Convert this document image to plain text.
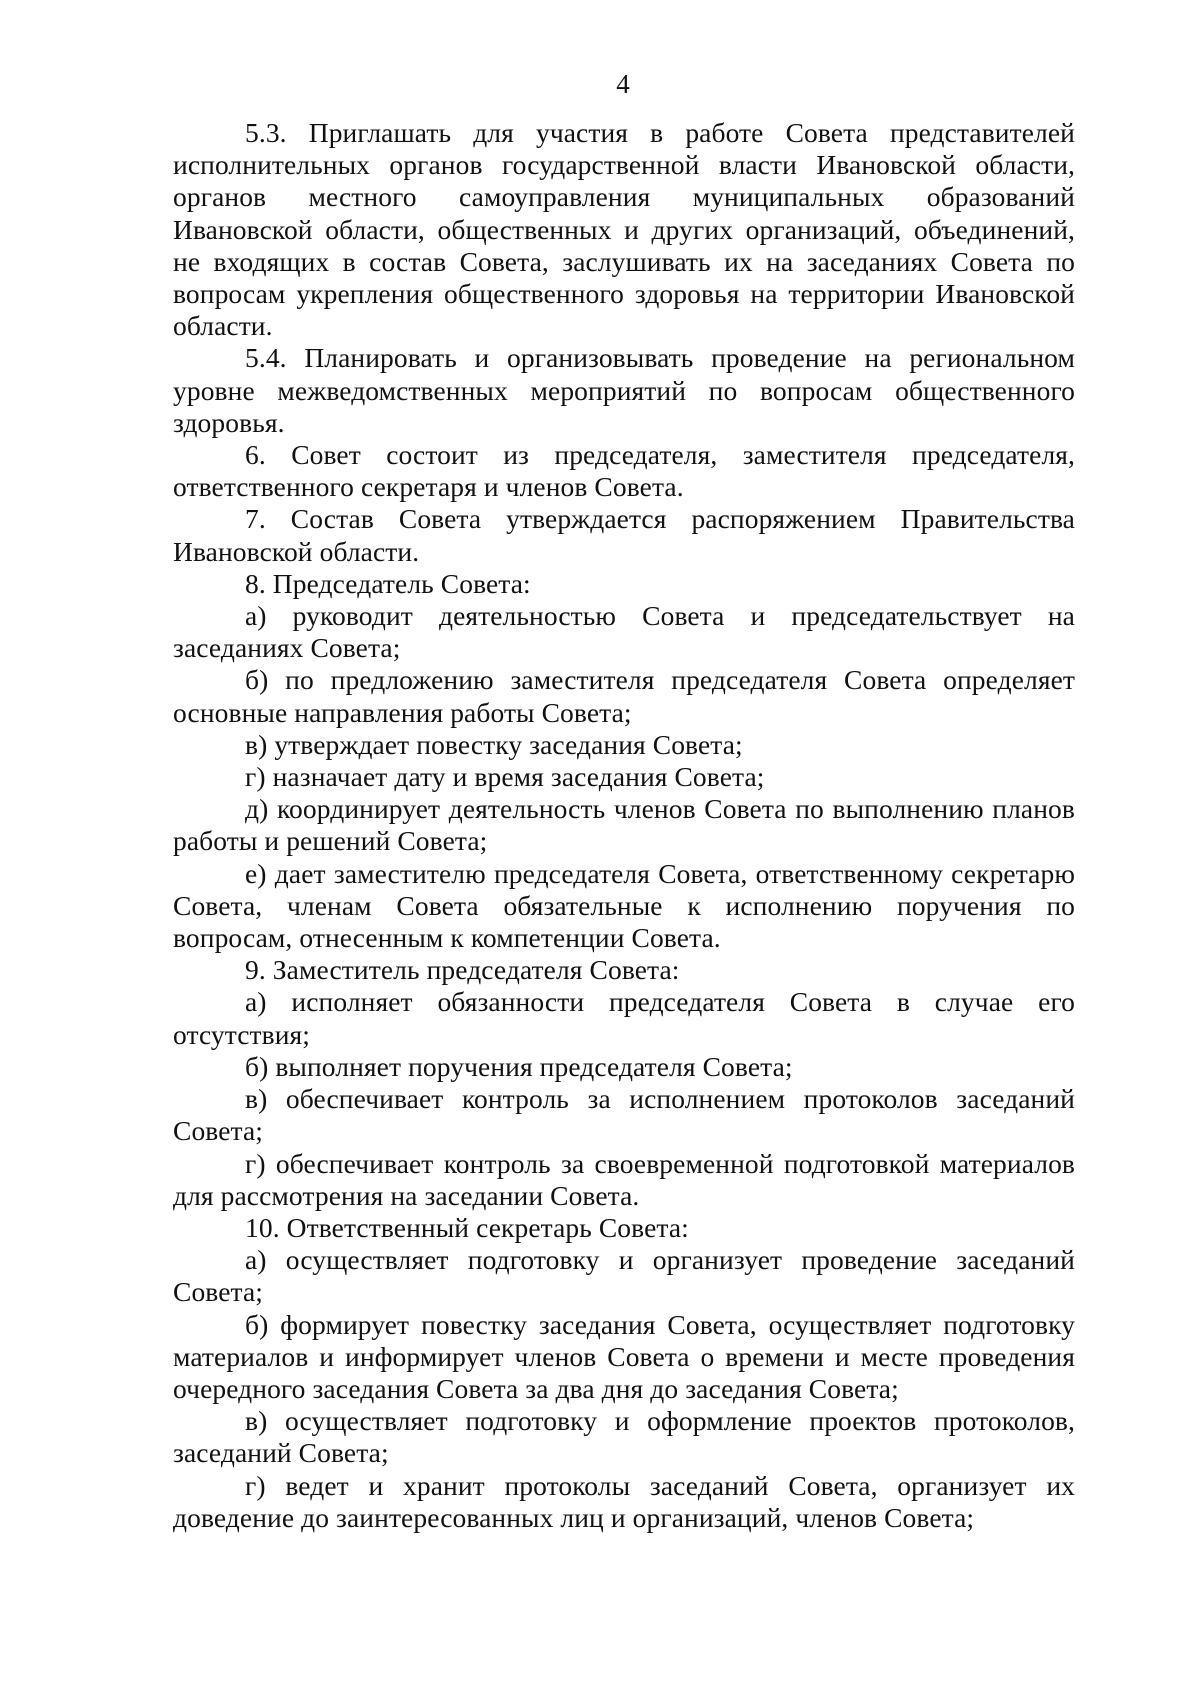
4

5.3. Приглашать для участия в работе Совета представителей исполнительных органов государственной власти Ивановской области, органов местного самоуправления муниципальных образований Ивановской области, общественных и других организаций, объединений, не входящих в состав Совета, заслушивать их на заседаниях Совета по вопросам укрепления общественного здоровья на территории Ивановской области.

5.4. Планировать и организовывать проведение на региональном уровне межведомственных мероприятий по вопросам общественного здоровья.

6. Совет состоит из председателя, заместителя председателя, ответственного секретаря и членов Совета.

7. Состав Совета утверждается распоряжением Правительства Ивановской области.

8. Председатель Совета:

а) руководит деятельностью Совета и председательствует на заседаниях Совета;

б) по предложению заместителя председателя Совета определяет основные направления работы Совета;

в) утверждает повестку заседания Совета;

г) назначает дату и время заседания Совета;

д) координирует деятельность членов Совета по выполнению планов работы и решений Совета;

е) дает заместителю председателя Совета, ответственному секретарю Совета, членам Совета обязательные к исполнению поручения по вопросам, отнесенным к компетенции Совета.

9. Заместитель председателя Совета:

а) исполняет обязанности председателя Совета в случае его отсутствия;

б) выполняет поручения председателя Совета;

в) обеспечивает контроль за исполнением протоколов заседаний Совета;

г) обеспечивает контроль за своевременной подготовкой материалов для рассмотрения на заседании Совета.

10. Ответственный секретарь Совета:

а) осуществляет подготовку и организует проведение заседаний Совета;

б) формирует повестку заседания Совета, осуществляет подготовку материалов и информирует членов Совета о времени и месте проведения очередного заседания Совета за два дня до заседания Совета;

в) осуществляет подготовку и оформление проектов протоколов, заседаний Совета;

г) ведет и хранит протоколы заседаний Совета, организует их доведение до заинтересованных лиц и организаций, членов Совета;
